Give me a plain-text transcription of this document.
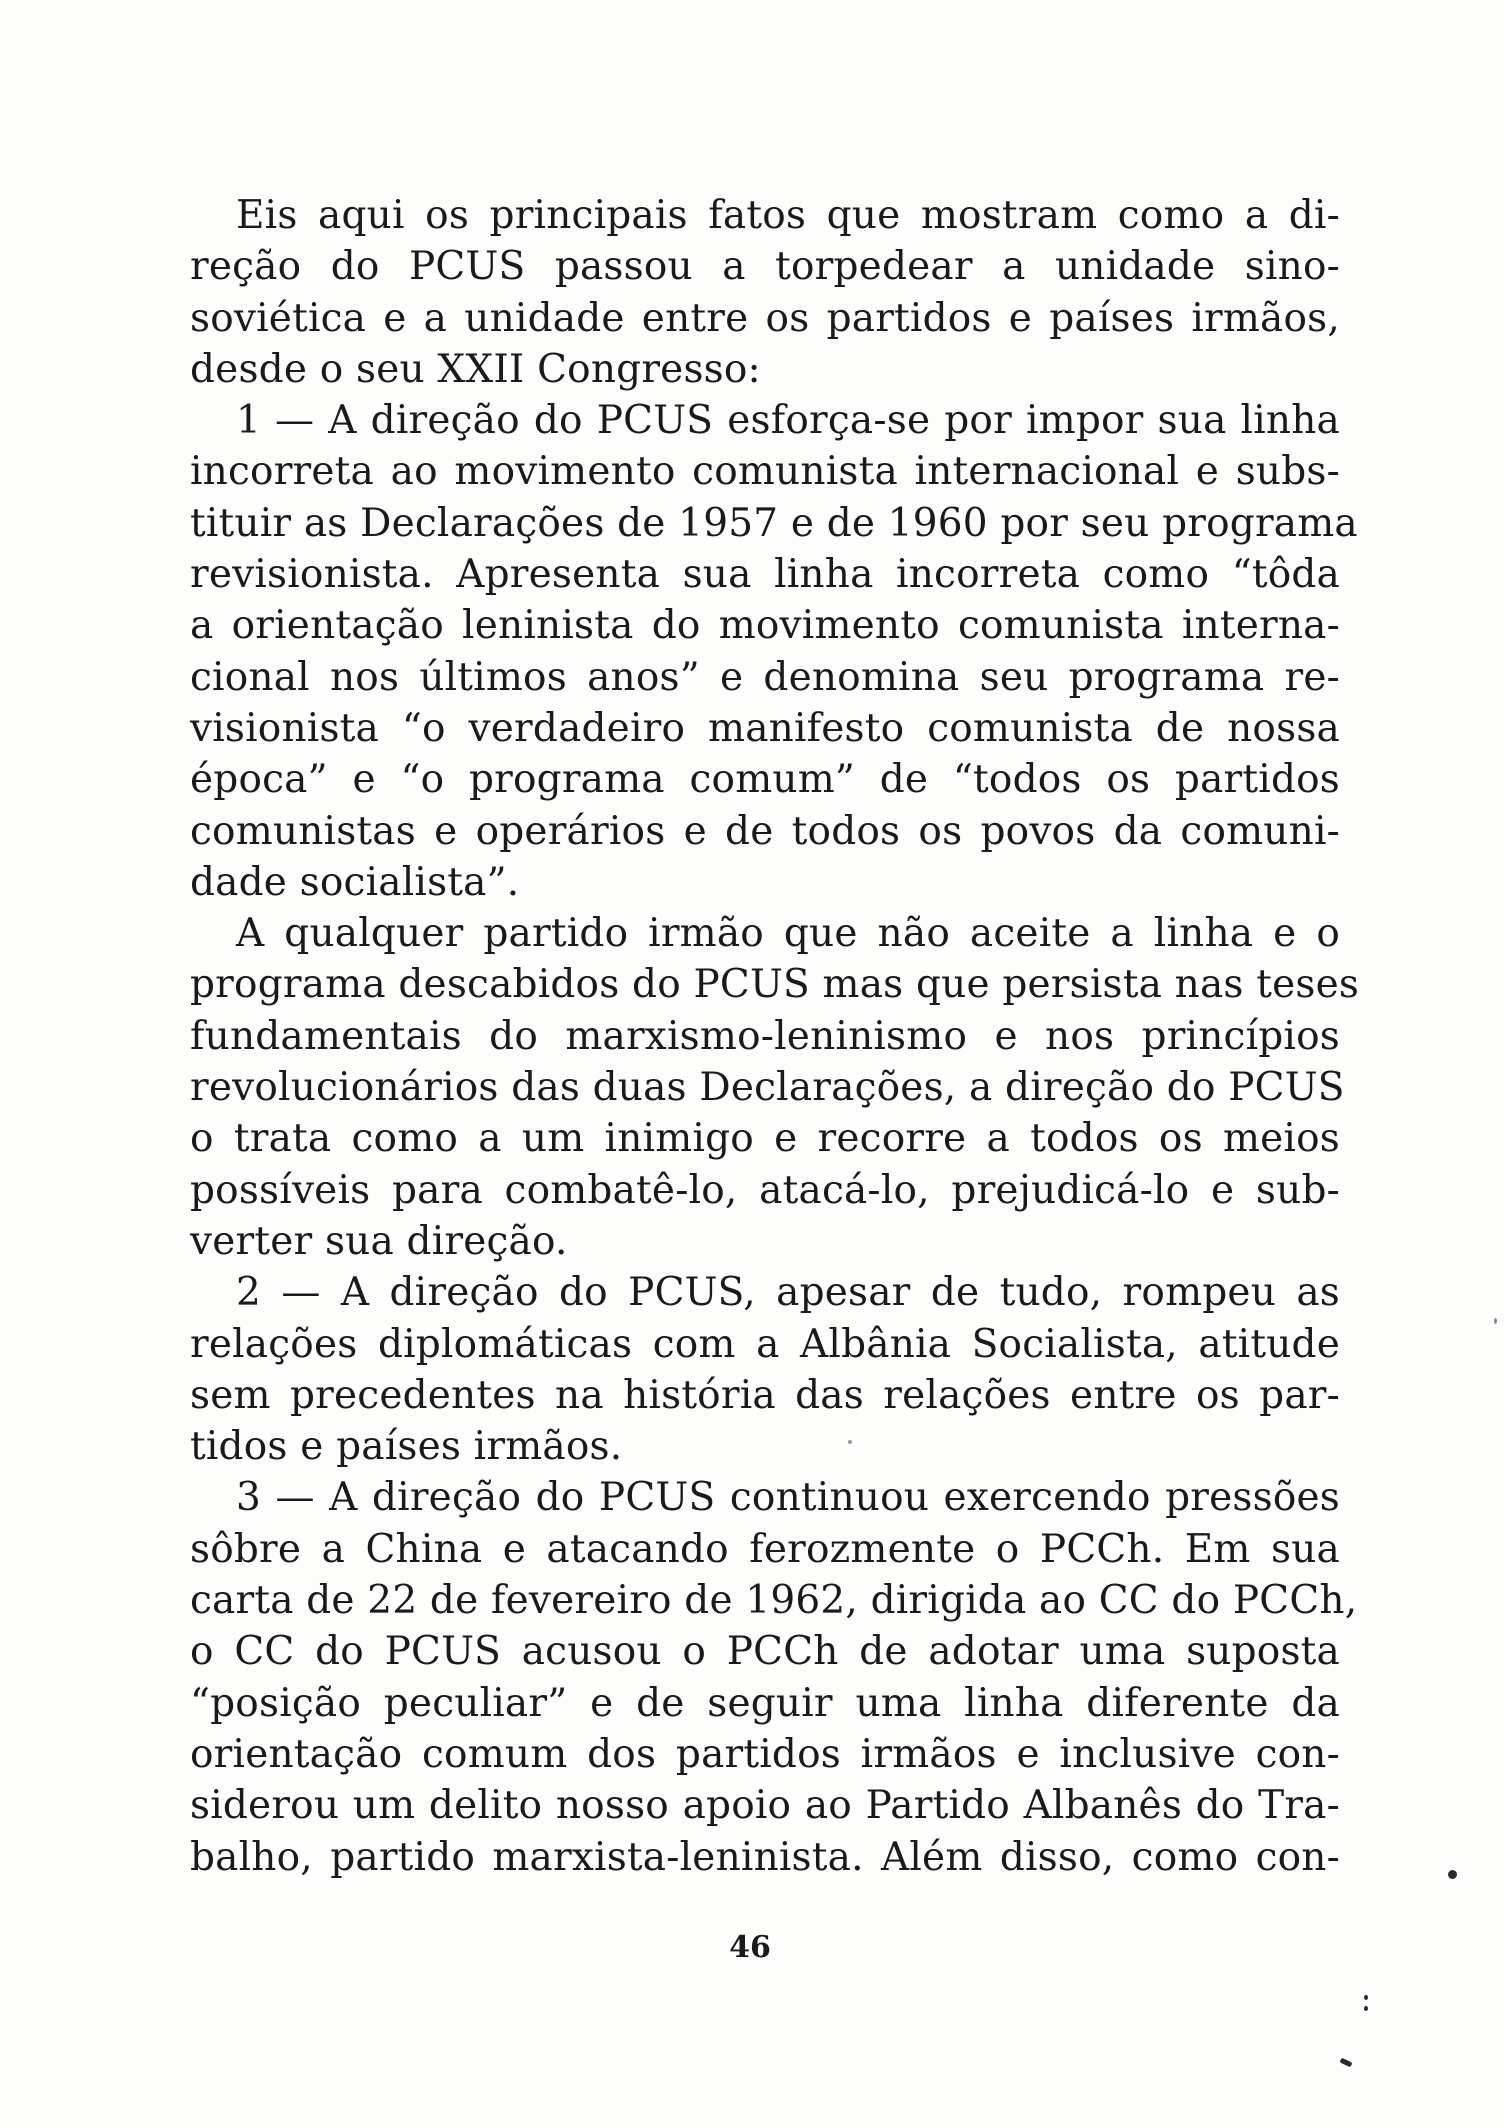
Eis aqui os principais fatos que mostram como a di-
reção do PCUS passou a torpedear a unidade sino-
soviética e a unidade entre os partidos e países irmãos,
desde o seu XXII Congresso:
1 — A direção do PCUS esforça-se por impor sua linha
incorreta ao movimento comunista internacional e subs-
tituir as Declarações de 1957 e de 1960 por seu programa
revisionista. Apresenta sua linha incorreta como “tôda
a orientação leninista do movimento comunista interna-
cional nos últimos anos” e denomina seu programa re-
visionista “o verdadeiro manifesto comunista de nossa
época” e “o programa comum” de “todos os partidos
comunistas e operários e de todos os povos da comuni-
dade socialista”.
A qualquer partido irmão que não aceite a linha e o
programa descabidos do PCUS mas que persista nas teses
fundamentais do marxismo-leninismo e nos princípios
revolucionários das duas Declarações, a direção do PCUS
o trata como a um inimigo e recorre a todos os meios
possíveis para combatê-lo, atacá-lo, prejudicá-lo e sub-
verter sua direção.
2 — A direção do PCUS, apesar de tudo, rompeu as
relações diplomáticas com a Albânia Socialista, atitude
sem precedentes na história das relações entre os par-
tidos e países irmãos.
3 — A direção do PCUS continuou exercendo pressões
sôbre a China e atacando ferozmente o PCCh. Em sua
carta de 22 de fevereiro de 1962, dirigida ao CC do PCCh,
o CC do PCUS acusou o PCCh de adotar uma suposta
“posição peculiar” e de seguir uma linha diferente da
orientação comum dos partidos irmãos e inclusive con-
siderou um delito nosso apoio ao Partido Albanês do Tra-
balho, partido marxista-leninista. Além disso, como con-
46
